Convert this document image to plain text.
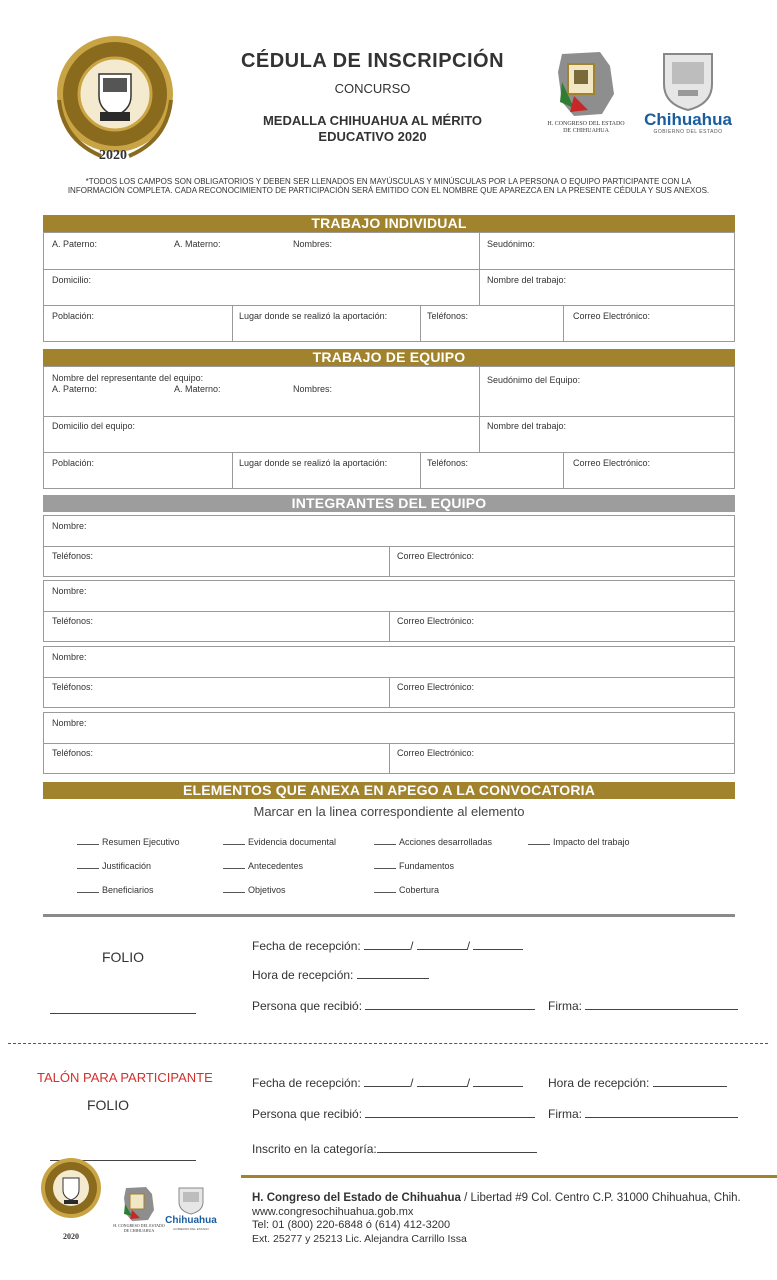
2020
CÉDULA DE INSCRIPCIÓN
CONCURSO
MEDALLA CHIHUAHUA AL MÉRITO
EDUCATIVO 2020
H. CONGRESO DEL ESTADO
DE CHIHUAHUA
Chihuahua
GOBIERNO DEL ESTADO
*TODOS LOS CAMPOS SON OBLIGATORIOS Y DEBEN SER LLENADOS EN MAYÚSCULAS Y MINÚSCULAS POR LA PERSONA O EQUIPO PARTICIPANTE CON LA
INFORMACIÓN COMPLETA. CADA RECONOCIMIENTO DE PARTICIPACIÓN SERÁ EMITIDO CON EL NOMBRE QUE APAREZCA EN LA PRESENTE CÉDULA Y SUS ANEXOS.
TRABAJO INDIVIDUAL
A. Paterno:	A. Materno:	Nombres:	Seudónimo:
Domicilio:	Nombre del trabajo:
Población:	Lugar donde se realizó la aportación:	Teléfonos:	Correo Electrónico:
TRABAJO DE EQUIPO
Nombre del representante del equipo:
A. Paterno:	A. Materno:	Nombres:
Seudónimo del Equipo:
Domicilio del equipo:	Nombre del trabajo:
Población:	Lugar donde se realizó la aportación:	Teléfonos:	Correo Electrónico:
INTEGRANTES DEL EQUIPO
Nombre:
Teléfonos:	Correo Electrónico:
Nombre:
Teléfonos:	Correo Electrónico:
Nombre:
Teléfonos:	Correo Electrónico:
Nombre:
Teléfonos:	Correo Electrónico:
ELEMENTOS QUE ANEXA EN APEGO A LA CONVOCATORIA
Marcar en la linea correspondiente al elemento
Resumen Ejecutivo	Evidencia documental	Acciones desarrolladas	Impacto del trabajo
Justificación	Antecedentes	Fundamentos
Beneficiarios	Objetivos	Cobertura
FOLIO
Fecha de recepción:	/	/
Hora de recepción:
Persona que recibió:	Firma:
TALÓN PARA PARTICIPANTE
FOLIO
Fecha de recepción:	/	/	Hora de recepción:
Persona que recibió:	Firma:
Inscrito en la categoría:
2020
H. CONGRESO DEL ESTADO
DE CHIHUAHUA
Chihuahua
GOBIERNO DEL ESTADO
H. Congreso del Estado de Chihuahua / Libertad #9 Col. Centro C.P. 31000 Chihuahua, Chih.
www.congresochihuahua.gob.mx
Tel: 01 (800) 220-6848 ó (614) 412-3200
Ext. 25277 y 25213 Lic. Alejandra Carrillo Issa
